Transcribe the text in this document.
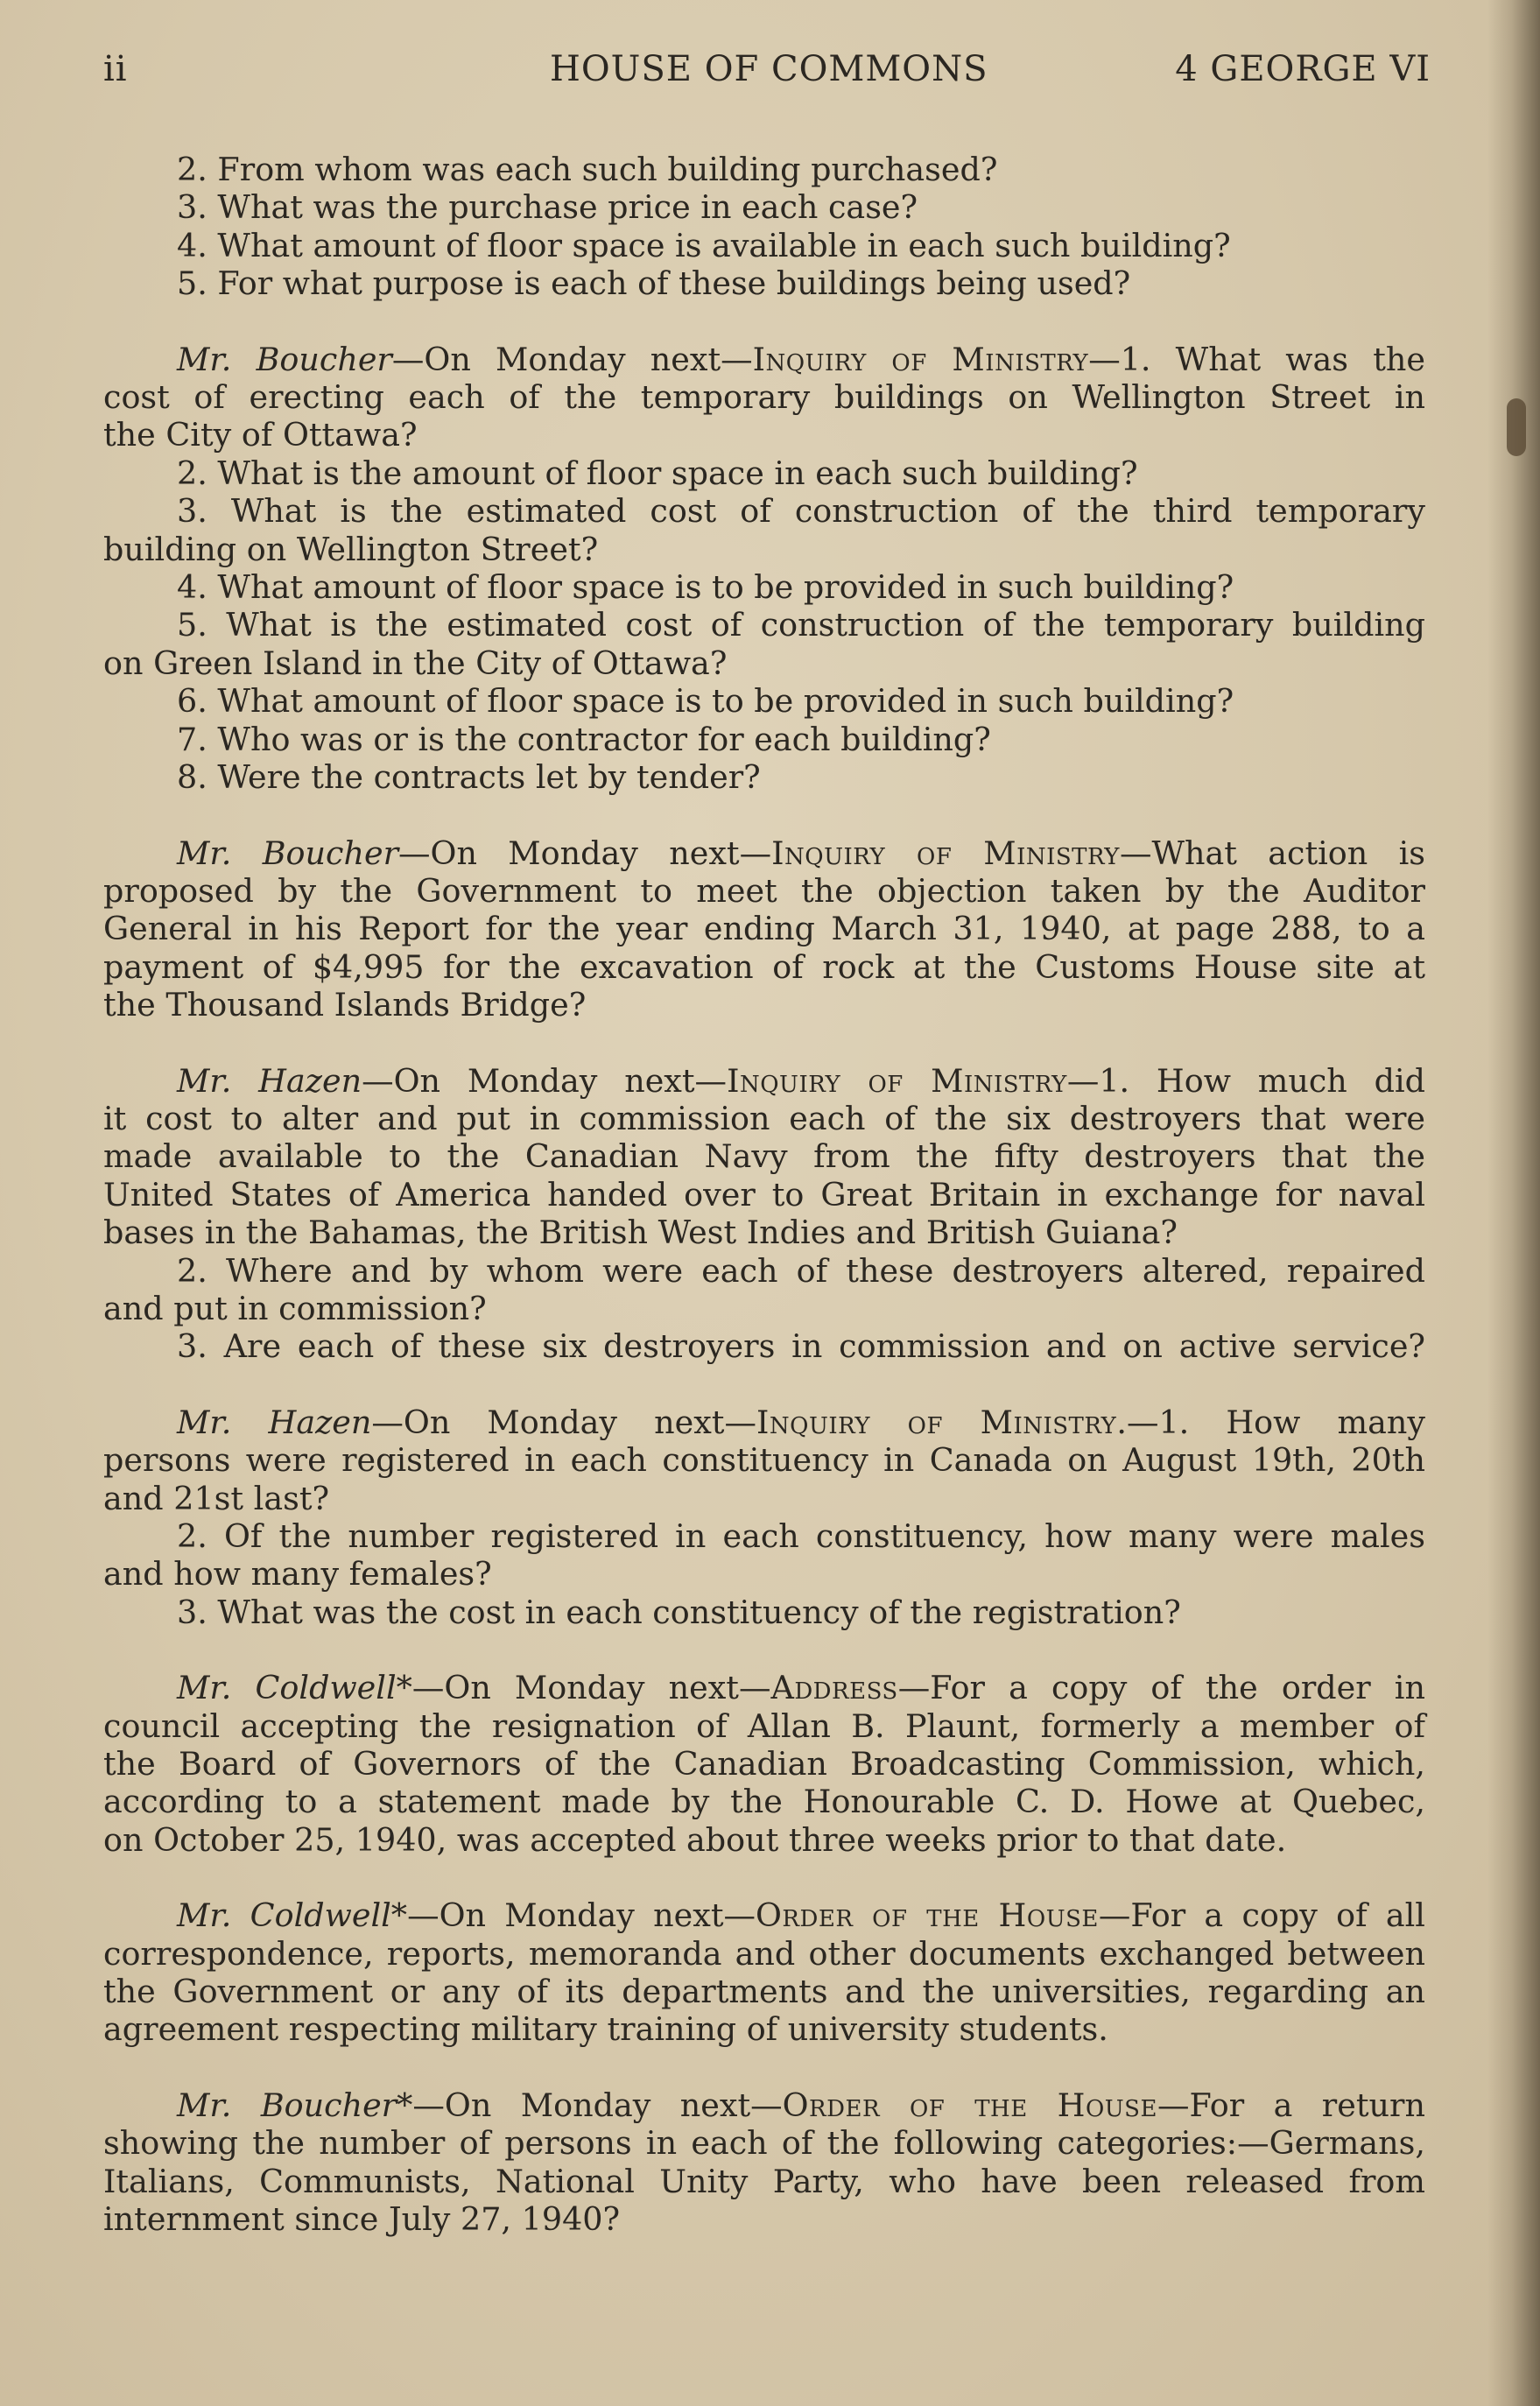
ii	HOUSE OF COMMONS	4 GEORGE VI
2. From whom was each such building purchased?
3. What was the purchase price in each case?
4. What amount of floor space is available in each such building?
5. For what purpose is each of these buildings being used?
Mr. Boucher—On Monday next—Inquiry of Ministry—1. What was the
cost of erecting each of the temporary buildings on Wellington Street in
the City of Ottawa?
2. What is the amount of floor space in each such building?
3. What is the estimated cost of construction of the third temporary
building on Wellington Street?
4. What amount of floor space is to be provided in such building?
5. What is the estimated cost of construction of the temporary building
on Green Island in the City of Ottawa?
6. What amount of floor space is to be provided in such building?
7. Who was or is the contractor for each building?
8. Were the contracts let by tender?
Mr. Boucher—On Monday next—Inquiry of Ministry—What action is
proposed by the Government to meet the objection taken by the Auditor
General in his Report for the year ending March 31, 1940, at page 288, to a
payment of $4,995 for the excavation of rock at the Customs House site at
the Thousand Islands Bridge?
Mr. Hazen—On Monday next—Inquiry of Ministry—1. How much did
it cost to alter and put in commission each of the six destroyers that were
made available to the Canadian Navy from the fifty destroyers that the
United States of America handed over to Great Britain in exchange for naval
bases in the Bahamas, the British West Indies and British Guiana?
2. Where and by whom were each of these destroyers altered, repaired
and put in commission?
3. Are each of these six destroyers in commission and on active service?
Mr. Hazen—On Monday next—Inquiry of Ministry.—1. How many
persons were registered in each constituency in Canada on August 19th, 20th
and 21st last?
2. Of the number registered in each constituency, how many were males
and how many females?
3. What was the cost in each constituency of the registration?
Mr. Coldwell*—On Monday next—Address—For a copy of the order in
council accepting the resignation of Allan B. Plaunt, formerly a member of
the Board of Governors of the Canadian Broadcasting Commission, which,
according to a statement made by the Honourable C. D. Howe at Quebec,
on October 25, 1940, was accepted about three weeks prior to that date.
Mr. Coldwell*—On Monday next—Order of the House—For a copy of all
correspondence, reports, memoranda and other documents exchanged between
the Government or any of its departments and the universities, regarding an
agreement respecting military training of university students.
Mr. Boucher*—On Monday next—Order of the House—For a return
showing the number of persons in each of the following categories:—Germans,
Italians, Communists, National Unity Party, who have been released from
internment since July 27, 1940?
